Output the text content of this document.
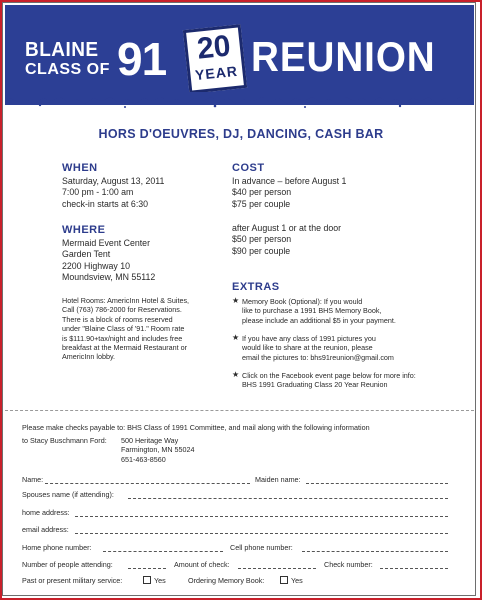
BLAINE
CLASS OF 91 20
YEAR REUNION
HORS D'OEUVRES, DJ, DANCING, CASH BAR
WHEN
Saturday, August 13, 2011
7:00 pm - 1:00 am
check-in starts at 6:30
WHERE
Mermaid Event Center
Garden Tent
2200 Highway 10
Moundsview, MN 55112
Hotel Rooms: AmericInn Hotel & Suites,
Call (763) 786-2000 for Reservations.
There is a block of rooms reserved
under "Blaine Class of '91." Room rate
is $111.90+tax/night and includes free
breakfast at the Mermaid Restaurant or
AmericInn lobby.
COST
In advance – before August 1
$40 per person
$75 per couple
after August 1 or at the door
$50 per person
$90 per couple
EXTRAS
★ Memory Book (Optional): If you would
like to purchase a 1991 BHS Memory Book,
please include an additional $5 in your payment.
★ If you have any class of 1991 pictures you
would like to share at the reunion, please
email the pictures to: bhs91reunion@gmail.com
★ Click on the Facebook event page below for more info:
BHS 1991 Graduating Class 20 Year Reunion
Please make checks payable to: BHS Class of 1991 Committee, and mail along with the following information
to Stacy Buschmann Ford: 500 Heritage Way
Farmington, MN 55024
651-463-8560
Name:	Maiden name:
Spouses name (if attending):
home address:
email address:
Home phone number:	Cell phone number:
Number of people attending:	Amount of check:	Check number:
Past or present military service:	Yes	Ordering Memory Book:	Yes
